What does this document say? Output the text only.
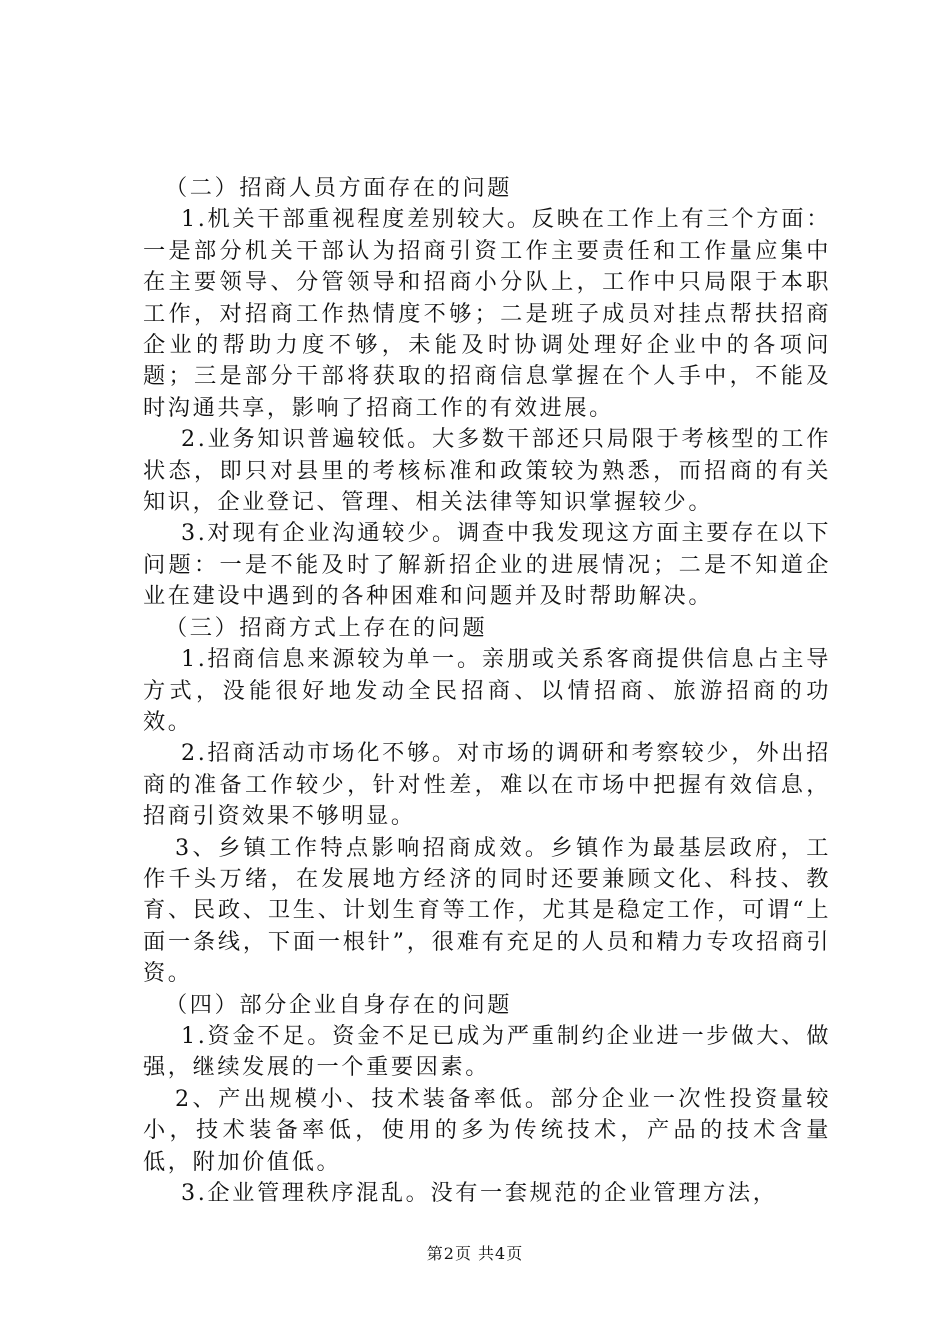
（二）招商人员方面存在的问题

1.机关干部重视程度差别较大。反映在工作上有三个方面：一是部分机关干部认为招商引资工作主要责任和工作量应集中在主要领导、分管领导和招商小分队上，工作中只局限于本职工作，对招商工作热情度不够；二是班子成员对挂点帮扶招商企业的帮助力度不够，未能及时协调处理好企业中的各项问题；三是部分干部将获取的招商信息掌握在个人手中，不能及时沟通共享，影响了招商工作的有效进展。

2.业务知识普遍较低。大多数干部还只局限于考核型的工作状态，即只对县里的考核标准和政策较为熟悉，而招商的有关知识，企业登记、管理、相关法律等知识掌握较少。

3.对现有企业沟通较少。调查中我发现这方面主要存在以下问题：一是不能及时了解新招企业的进展情况；二是不知道企业在建设中遇到的各种困难和问题并及时帮助解决。

（三）招商方式上存在的问题

1.招商信息来源较为单一。亲朋或关系客商提供信息占主导方式，没能很好地发动全民招商、以情招商、旅游招商的功效。

2.招商活动市场化不够。对市场的调研和考察较少，外出招商的准备工作较少，针对性差，难以在市场中把握有效信息，招商引资效果不够明显。

3、乡镇工作特点影响招商成效。乡镇作为最基层政府，工作千头万绪，在发展地方经济的同时还要兼顾文化、科技、教育、民政、卫生、计划生育等工作，尤其是稳定工作，可谓“上面一条线，下面一根针”，很难有充足的人员和精力专攻招商引资。

（四）部分企业自身存在的问题

1.资金不足。资金不足已成为严重制约企业进一步做大、做强，继续发展的一个重要因素。

2、产出规模小、技术装备率低。部分企业一次性投资量较小，技术装备率低，使用的多为传统技术，产品的技术含量低，附加价值低。

3.企业管理秩序混乱。没有一套规范的企业管理方法，

第2页 共4页
